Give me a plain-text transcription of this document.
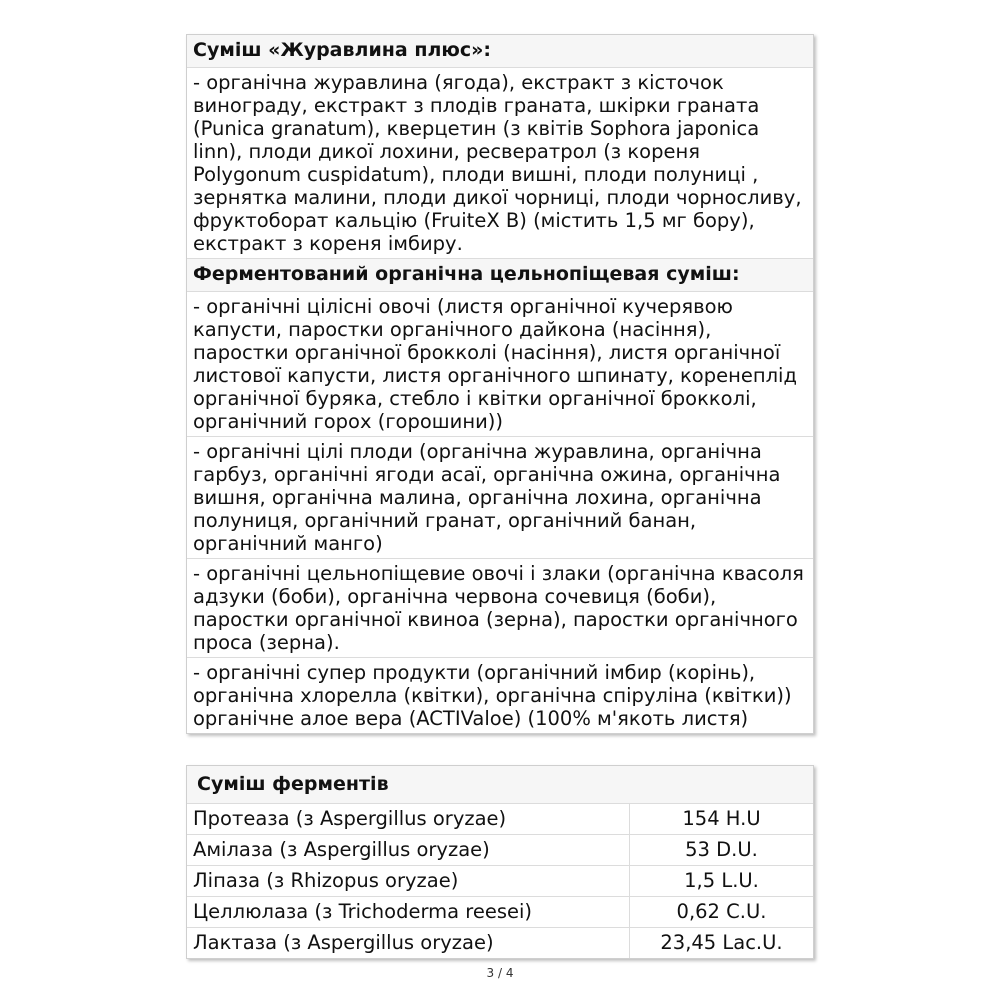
Суміш «Журавлина плюс»:
- органічна журавлина (ягода), екстракт з кісточок винограду, екстракт з плодів граната, шкірки граната (Punica granatum), кверцетин (з квітів Sophora japonica linn), плоди дикої лохини, ресвератрол (з кореня Polygonum cuspidatum), плоди вишні, плоди полуниці , зернятка малини, плоди дикої чорниці, плоди чорносливу, фруктоборат кальцію (FruiteX B) (містить 1,5 мг бору), екстракт з кореня імбиру.
Ферментований органічна цельнопіщевая суміш:
- органічні цілісні овочі (листя органічної кучерявою капусти, паростки органічного дайкона (насіння), паростки органічної брокколі (насіння), листя органічної листової капусти, листя органічного шпинату, коренеплід органічної буряка, стебло і квітки органічної брокколі, органічний горох (горошини))
- органічні цілі плоди (органічна журавлина, органічна гарбуз, органічні ягоди асаї, органічна ожина, органічна вишня, органічна малина, органічна лохина, органічна полуниця, органічний гранат, органічний банан, органічний манго)
- органічні цельнопіщевие овочі і злаки (органічна квасоля адзуки (боби), органічна червона сочевиця (боби), паростки органічної квиноа (зерна), паростки органічного проса (зерна).
- органічні супер продукти (органічний імбир (корінь), органічна хлорелла (квітки), органічна спіруліна (квітки)) органічне алое вера (ACTIValoe) (100% м'якоть листя)
Суміш ферментів
Протеаза (з Aspergillus oryzae)	154 H.U
Амілаза (з Aspergillus oryzae)	53 D.U.
Ліпаза (з Rhizopus oryzae)	1,5 L.U.
Целлюлаза (з Trichoderma reesei)	0,62 C.U.
Лактаза (з Aspergillus oryzae)	23,45 Lac.U.
3 / 4
